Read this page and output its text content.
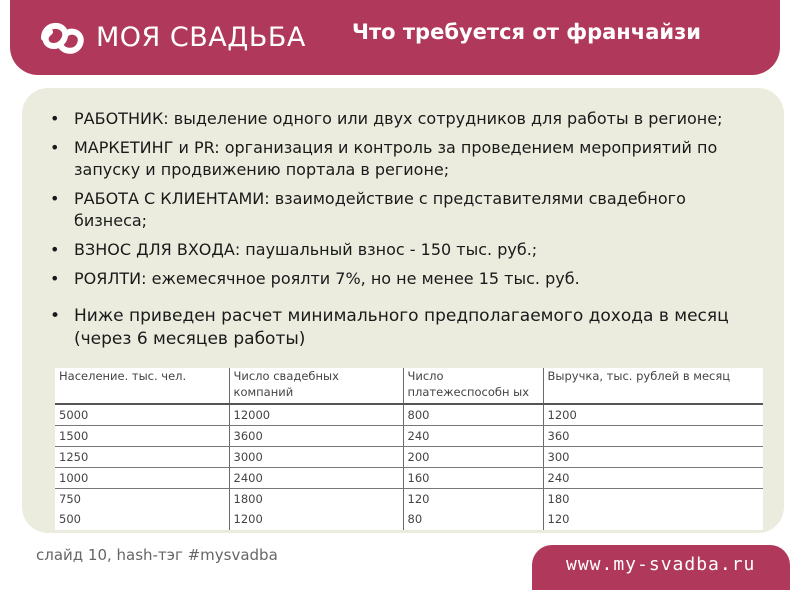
МОЯ СВАДЬБА Что требуется от франчайзи
• РАБОТНИК: выделение одного или двух сотрудников для работы в регионе;
• МАРКЕТИНГ и PR: организация и контроль за проведением мероприятий по запуску и продвижению портала в регионе;
• РАБОТА С КЛИЕНТАМИ: взаимодействие с представителями свадебного бизнеса;
• ВЗНОС ДЛЯ ВХОДА: паушальный взнос - 150 тыс. руб.;
• РОЯЛТИ: ежемесячное роялти 7%, но не менее 15 тыс. руб.
• Ниже приведен расчет минимального предполагаемого дохода в месяц (через 6 месяцев работы)
Население. тыс. чел.	Число свадебных компаний	Число платежеспособн ых	Выручка, тыс. рублей в месяц
5000	12000	800	1200
1500	3600	240	360
1250	3000	200	300
1000	2400	160	240
750	1800	120	180
500	1200	80	120
слайд 10, hash-тэг #mysvadba	www.my-svadba.ru
